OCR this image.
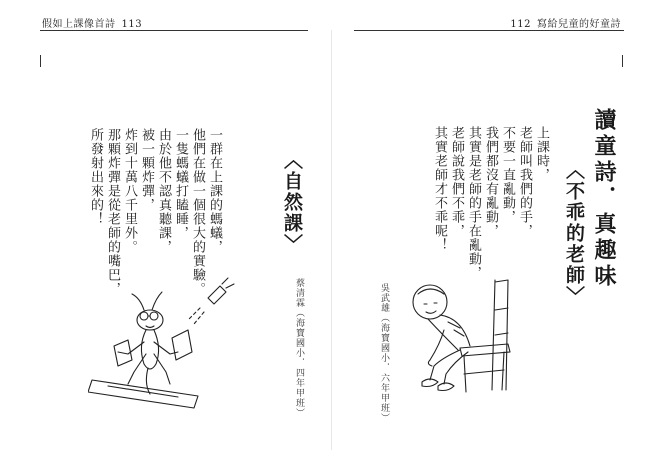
假如上課像首詩 113	112 寫給兒童的好童詩
讀童詩．真趣味
〈不乖的老師〉
上課時，
老師叫我們的手，
不要一直亂動，
我們都沒有亂動，
其實是老師的手在亂動，
老師說我們不乖，
其實老師才不乖呢！
吳武雄（海寶國小．六年甲班）
〈自然課〉
一群在上課的螞蟻，
他們在做一個很大的實驗。
一隻螞蟻打瞌睡，
由於他不認真聽課，
被一顆炸彈，
炸到十萬八千里外。
那顆炸彈是從老師的嘴巴，
所發射出來的！
蔡清霖（海寶國小．四年甲班）
